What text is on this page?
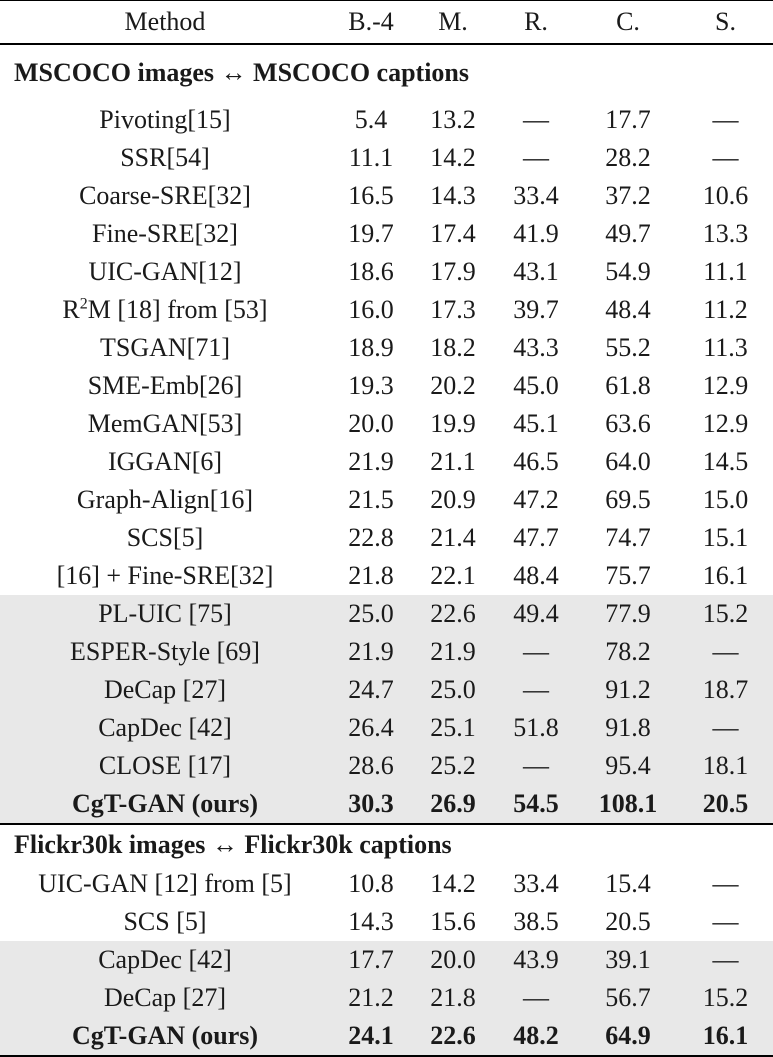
Method	B.-4	M.	R.	C.	S.
MSCOCO images ↔ MSCOCO captions					
Pivoting[15]	5.4	13.2	—	17.7	—
SSR[54]	11.1	14.2	—	28.2	—
Coarse-SRE[32]	16.5	14.3	33.4	37.2	10.6
Fine-SRE[32]	19.7	17.4	41.9	49.7	13.3
UIC-GAN[12]	18.6	17.9	43.1	54.9	11.1
$R^2M$ [18] from [53]	16.0	17.3	39.7	48.4	11.2
TSGAN[71]	18.9	18.2	43.3	55.2	11.3
SME-Emb[26]	19.3	20.2	45.0	61.8	12.9
MemGAN[53]	20.0	19.9	45.1	63.6	12.9
IGGAN[6]	21.9	21.1	46.5	64.0	14.5
Graph-Align[16]	21.5	20.9	47.2	69.5	15.0
SCS[5]	22.8	21.4	47.7	74.7	15.1
[16] + Fine-SRE[32]	21.8	22.1	48.4	75.7	16.1
PL-UIC [75]	25.0	22.6	49.4	77.9	15.2
ESPER-Style [69]	21.9	21.9	—	78.2	—
DeCap [27]	24.7	25.0	—	91.2	18.7
CapDec [42]	26.4	25.1	51.8	91.8	—
CLOSE [17]	28.6	25.2	—	95.4	18.1
CgT-GAN (ours)	30.3	26.9	54.5	108.1	20.5
Flickr30k images ↔ Flickr30k captions					
UIC-GAN [12] from [5]	10.8	14.2	33.4	15.4	—
SCS [5]	14.3	15.6	38.5	20.5	—
CapDec [42]	17.7	20.0	43.9	39.1	—
DeCap [27]	21.2	21.8	—	56.7	15.2
CgT-GAN (ours)	24.1	22.6	48.2	64.9	16.1
